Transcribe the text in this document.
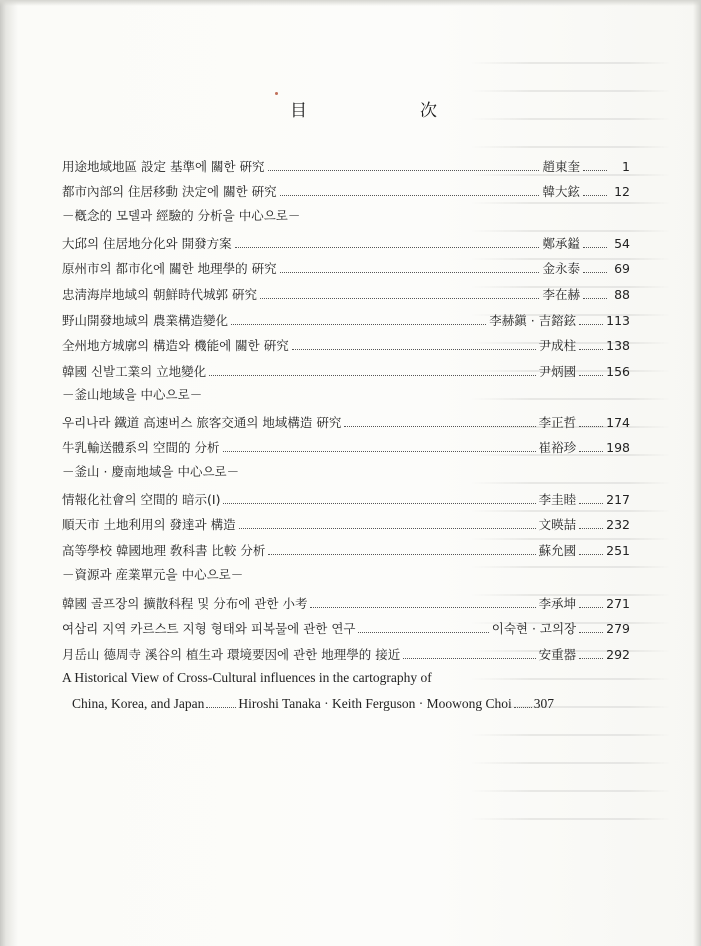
目　次
用途地域地區 設定 基準에 關한 硏究	趙東奎	1
都市內部의 住居移動 決定에 關한 硏究	韓大鉉	12
－槪念的 모델과 經驗的 分析을 中心으로－
大邱의 住居地分化와 開發方案	鄭承鎰	54
原州市의 都市化에 關한 地理學的 硏究	金永泰	69
忠淸海岸地域의 朝鮮時代城郭 硏究	李在赫	88
野山開發地域의 農業構造變化	李赫鎭 · 吉鎔鉉 113
全州地方城廓의 構造와 機能에 關한 硏究	尹成柱 138
韓國 신발工業의 立地變化	尹炳國 156
－釜山地域을 中心으로－
우리나라 鐵道 高速버스 旅客交通의 地域構造 硏究	李正哲 174
牛乳輸送體系의 空間的 分析	崔裕珍 198
－釜山 · 慶南地域을 中心으로－
情報化社會의 空間的 暗示(Ⅰ)	李圭睦 217
順天市 土地利用의 發達과 構造	文暎喆 232
高等學校 韓國地理 敎科書 比較 分析	蘇允國 251
－資源과 産業單元을 中心으로－
韓國 골프장의 擴散科程 및 分布에 관한 小考	李承坤 271
여삼리 지역 카르스트 지형 형태와 피복물에 관한 연구	이숙현 · 고의장 279
月岳山 德周寺 溪谷의 植生과 環境要因에 관한 地理學的 接近	安重器 292
A Historical View of Cross-Cultural influences in the cartography of
China, Korea, and Japan	Hiroshi Tanaka · Keith Ferguson · Moowong Choi 307
